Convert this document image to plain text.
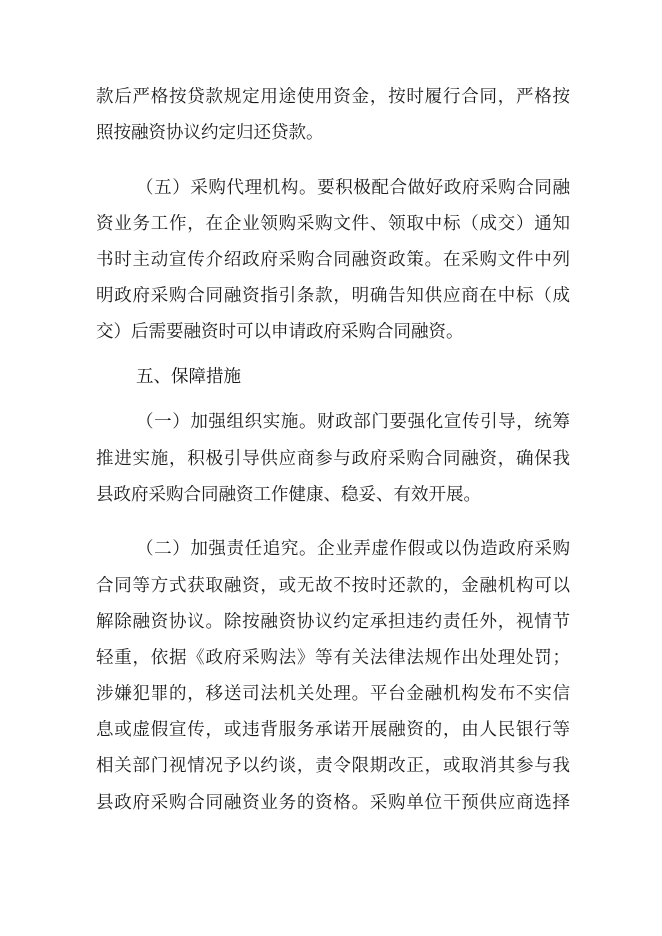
款后严格按贷款规定用途使用资金，按时履行合同，严格按
照按融资协议约定归还贷款。
（五）采购代理机构。要积极配合做好政府采购合同融
资业务工作，在企业领购采购文件、领取中标（成交）通知
书时主动宣传介绍政府采购合同融资政策。在采购文件中列
明政府采购合同融资指引条款，明确告知供应商在中标（成
交）后需要融资时可以申请政府采购合同融资。
五、保障措施
（一）加强组织实施。财政部门要强化宣传引导，统筹
推进实施，积极引导供应商参与政府采购合同融资，确保我
县政府采购合同融资工作健康、稳妥、有效开展。
（二）加强责任追究。企业弄虚作假或以伪造政府采购
合同等方式获取融资，或无故不按时还款的，金融机构可以
解除融资协议。除按融资协议约定承担违约责任外，视情节
轻重，依据《政府采购法》等有关法律法规作出处理处罚；
涉嫌犯罪的，移送司法机关处理。平台金融机构发布不实信
息或虚假宣传，或违背服务承诺开展融资的，由人民银行等
相关部门视情况予以约谈，责令限期改正，或取消其参与我
县政府采购合同融资业务的资格。采购单位干预供应商选择
